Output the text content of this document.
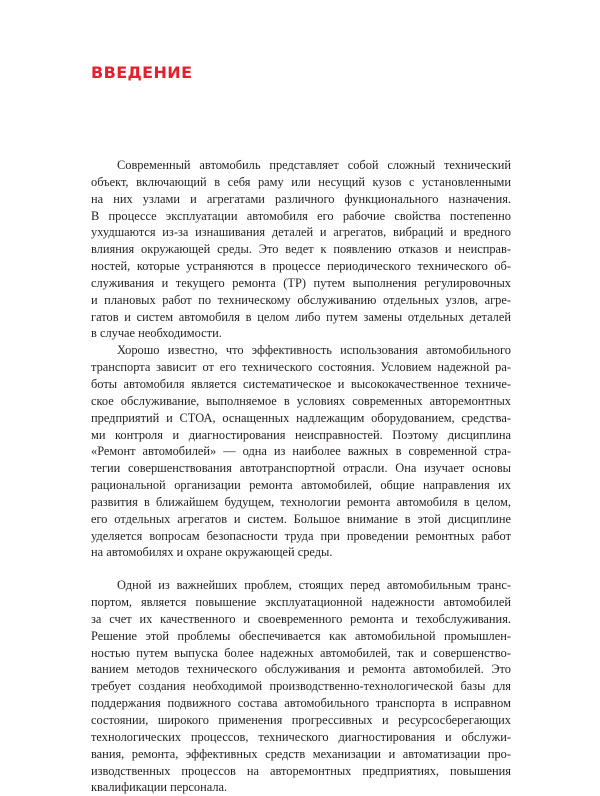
ВВЕДЕНИЕ
Современный автомобиль представляет собой сложный технический
объект, включающий в себя раму или несущий кузов с установленными
на них узлами и агрегатами различного функционального назначения.
В процессе эксплуатации автомобиля его рабочие свойства постепенно
ухудшаются из-за изнашивания деталей и агрегатов, вибраций и вредного
влияния окружающей среды. Это ведет к появлению отказов и неисправ-
ностей, которые устраняются в процессе периодического технического об-
служивания и текущего ремонта (ТР) путем выполнения регулировочных
и плановых работ по техническому обслуживанию отдельных узлов, агре-
гатов и систем автомобиля в целом либо путем замены отдельных деталей
в случае необходимости.
Хорошо известно, что эффективность использования автомобильного
транспорта зависит от его технического состояния. Условием надежной ра-
боты автомобиля является систематическое и высококачественное техниче-
ское обслуживание, выполняемое в условиях современных авторемонтных
предприятий и СТОА, оснащенных надлежащим оборудованием, средства-
ми контроля и диагностирования неисправностей. Поэтому дисциплина
«Ремонт автомобилей» — одна из наиболее важных в современной стра-
тегии совершенствования автотранспортной отрасли. Она изучает основы
рациональной организации ремонта автомобилей, общие направления их
развития в ближайшем будущем, технологии ремонта автомобиля в целом,
его отдельных агрегатов и систем. Большое внимание в этой дисциплине
уделяется вопросам безопасности труда при проведении ремонтных работ
на автомобилях и охране окружающей среды.
Одной из важнейших проблем, стоящих перед автомобильным транс-
портом, является повышение эксплуатационной надежности автомобилей
за счет их качественного и своевременного ремонта и техобслуживания.
Решение этой проблемы обеспечивается как автомобильной промышлен-
ностью путем выпуска более надежных автомобилей, так и совершенство-
ванием методов технического обслуживания и ремонта автомобилей. Это
требует создания необходимой производственно-технологической базы для
поддержания подвижного состава автомобильного транспорта в исправном
состоянии, широкого применения прогрессивных и ресурсосберегающих
технологических процессов, технического диагностирования и обслужи-
вания, ремонта, эффективных средств механизации и автоматизации про-
изводственных процессов на авторемонтных предприятиях, повышения
квалификации персонала.
